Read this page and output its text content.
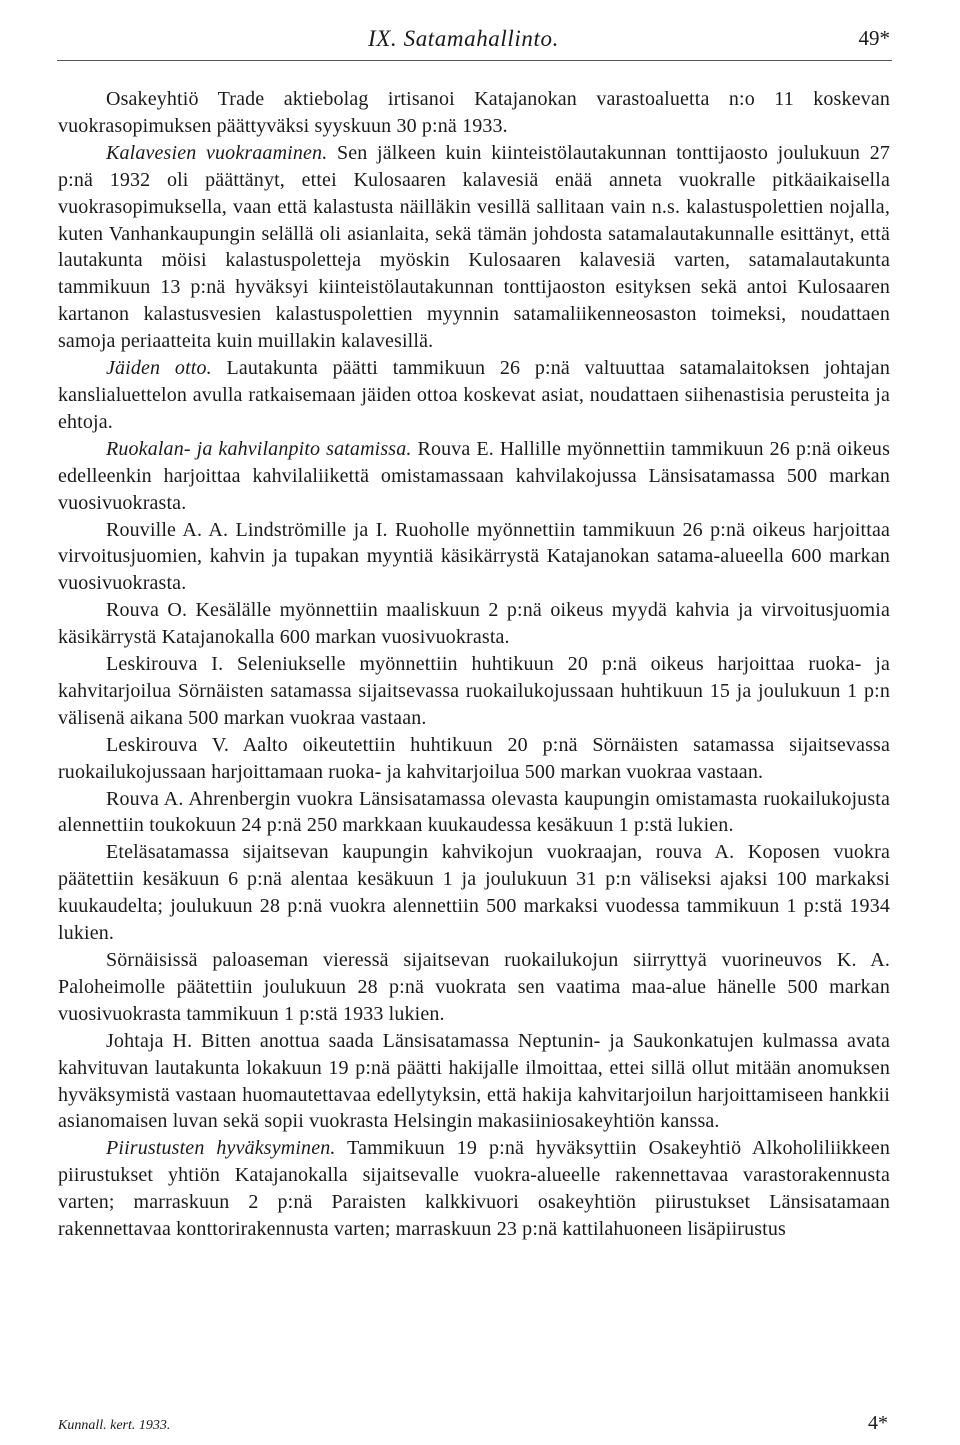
IX. Satamahallinto.	49*

Osakeyhtiö Trade aktiebolag irtisanoi Katajanokan varastoaluetta n:o 11 koskevan vuokrasopimuksen päättyväksi syyskuun 30 p:nä 1933.

Kalavesien vuokraaminen. Sen jälkeen kuin kiinteistölautakunnan tonttijaosto joulukuun 27 p:nä 1932 oli päättänyt, ettei Kulosaaren kalavesiä enää anneta vuokralle pitkäaikaisella vuokrasopimuksella, vaan että kalastusta näilläkin vesillä sallitaan vain n.s. kalastuspolettien nojalla, kuten Vanhankaupungin selällä oli asianlaita, sekä tämän johdosta satamalautakunnalle esittänyt, että lautakunta möisi kalastuspoletteja myöskin Kulosaaren kalavesiä varten, satamalautakunta tammikuun 13 p:nä hyväksyi kiinteistölautakunnan tonttijaoston esityksen sekä antoi Kulosaaren kartanon kalastusvesien kalastuspolettien myynnin satamaliikenneosaston toimeksi, noudattaen samoja periaatteita kuin muillakin kalavesillä.

Jäiden otto. Lautakunta päätti tammikuun 26 p:nä valtuuttaa satamalaitoksen johtajan kanslialuettelon avulla ratkaisemaan jäiden ottoa koskevat asiat, noudattaen siihenastisia perusteita ja ehtoja.

Ruokalan- ja kahvilanpito satamissa. Rouva E. Hallille myönnettiin tammikuun 26 p:nä oikeus edelleenkin harjoittaa kahvilaliikettä omistamassaan kahvilakojussa Länsisatamassa 500 markan vuosivuokrasta.

Rouville A. A. Lindströmille ja I. Ruoholle myönnettiin tammikuun 26 p:nä oikeus harjoittaa virvoitusjuomien, kahvin ja tupakan myyntiä käsikärrystä Katajanokan satama-alueella 600 markan vuosivuokrasta.

Rouva O. Kesälälle myönnettiin maaliskuun 2 p:nä oikeus myydä kahvia ja virvoitusjuomia käsikärrystä Katajanokalla 600 markan vuosivuokrasta.

Leskirouva I. Seleniukselle myönnettiin huhtikuun 20 p:nä oikeus harjoittaa ruoka- ja kahvitarjoilua Sörnäisten satamassa sijaitsevassa ruokailukojussaan huhtikuun 15 ja joulukuun 1 p:n välisenä aikana 500 markan vuokraa vastaan.

Leskirouva V. Aalto oikeutettiin huhtikuun 20 p:nä Sörnäisten satamassa sijaitsevassa ruokailukojussaan harjoittamaan ruoka- ja kahvitarjoilua 500 markan vuokraa vastaan.

Rouva A. Ahrenbergin vuokra Länsisatamassa olevasta kaupungin omistamasta ruokailukojusta alennettiin toukokuun 24 p:nä 250 markkaan kuukaudessa kesäkuun 1 p:stä lukien.

Eteläsatamassa sijaitsevan kaupungin kahvikojun vuokraajan, rouva A. Koposen vuokra päätettiin kesäkuun 6 p:nä alentaa kesäkuun 1 ja joulukuun 31 p:n väliseksi ajaksi 100 markaksi kuukaudelta; joulukuun 28 p:nä vuokra alennettiin 500 markaksi vuodessa tammikuun 1 p:stä 1934 lukien.

Sörnäisissä paloaseman vieressä sijaitsevan ruokailukojun siirryttyä vuorineuvos K. A. Paloheimolle päätettiin joulukuun 28 p:nä vuokrata sen vaatima maa-alue hänelle 500 markan vuosivuokrasta tammikuun 1 p:stä 1933 lukien.

Johtaja H. Bitten anottua saada Länsisatamassa Neptunin- ja Saukonkatujen kulmassa avata kahvituvan lautakunta lokakuun 19 p:nä päätti hakijalle ilmoittaa, ettei sillä ollut mitään anomuksen hyväksymistä vastaan huomautettavaa edellytyksin, että hakija kahvitarjoilun harjoittamiseen hankkii asianomaisen luvan sekä sopii vuokrasta Helsingin makasiiniosakeyhtiön kanssa.

Piirustusten hyväksyminen. Tammikuun 19 p:nä hyväksyttiin Osakeyhtiö Alkoholiliikkeen piirustukset yhtiön Katajanokalla sijaitsevalle vuokra-alueelle rakennettavaa varastorakennusta varten; marraskuun 2 p:nä Paraisten kalkkivuori osakeyhtiön piirustukset Länsisatamaan rakennettavaa konttorirakennusta varten; marraskuun 23 p:nä kattilahuoneen lisäpiirustus

Kunnall. kert. 1933.	4*
